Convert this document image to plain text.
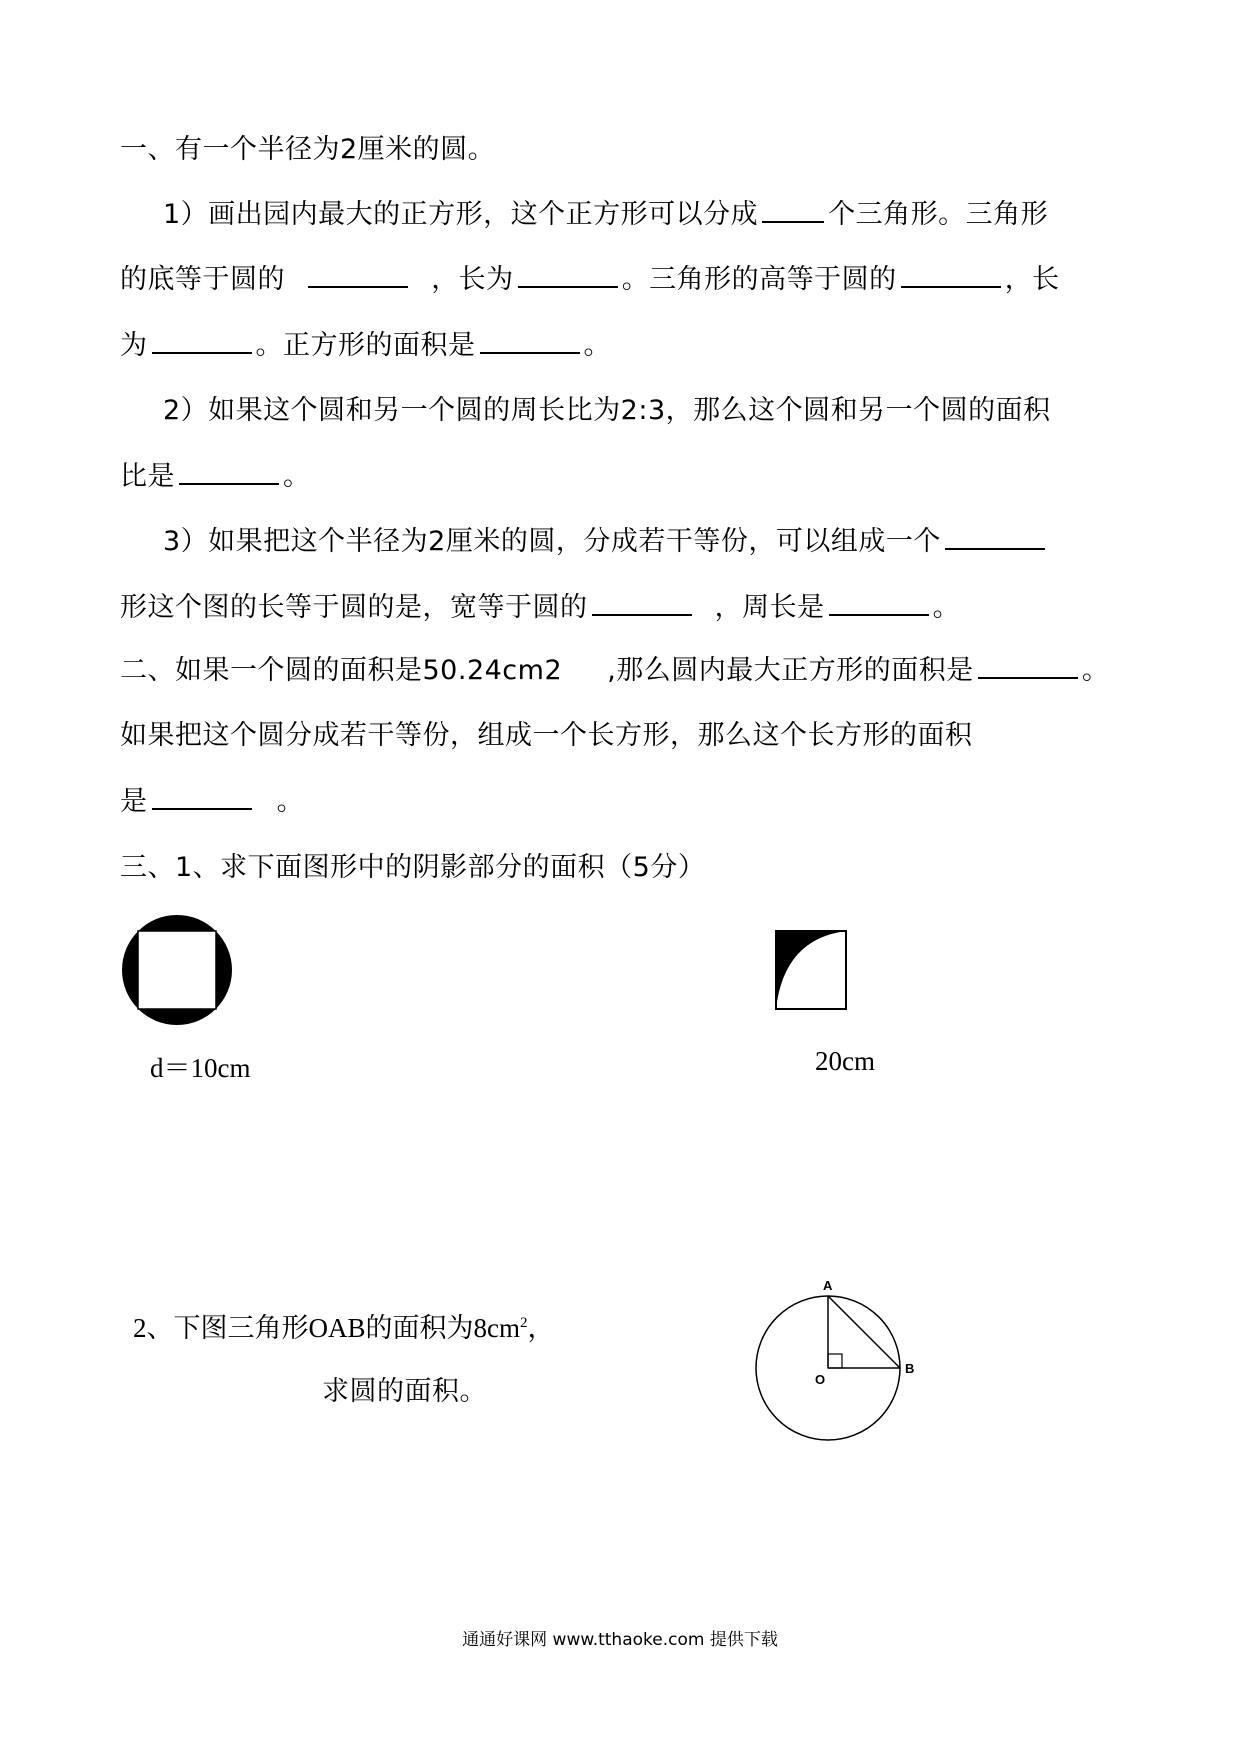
一、有一个半径为2厘米的圆。
1）画出园内最大的正方形，这个正方形可以分成	个三角形。三角形
的底等于圆的	，长为	。三角形的高等于圆的	，长
为	。正方形的面积是	。
2）如果这个圆和另一个圆的周长比为2:3，那么这个圆和另一个圆的面积
比是	。
3）如果把这个半径为2厘米的圆，分成若干等份，可以组成一个
形这个图的长等于圆的是，宽等于圆的	，周长是	。
二、如果一个圆的面积是50.24cm2 ,那么圆内最大正方形的面积是	。
如果把这个圆分成若干等份，组成一个长方形，那么这个长方形的面积
是	。
三、1、求下面图形中的阴影部分的面积（5分）
d＝10cm	20cm
2、下图三角形OAB的面积为$8cm^2$，
求圆的面积。
A
O
B
通通好课网 www.tthaoke.com 提供下载
